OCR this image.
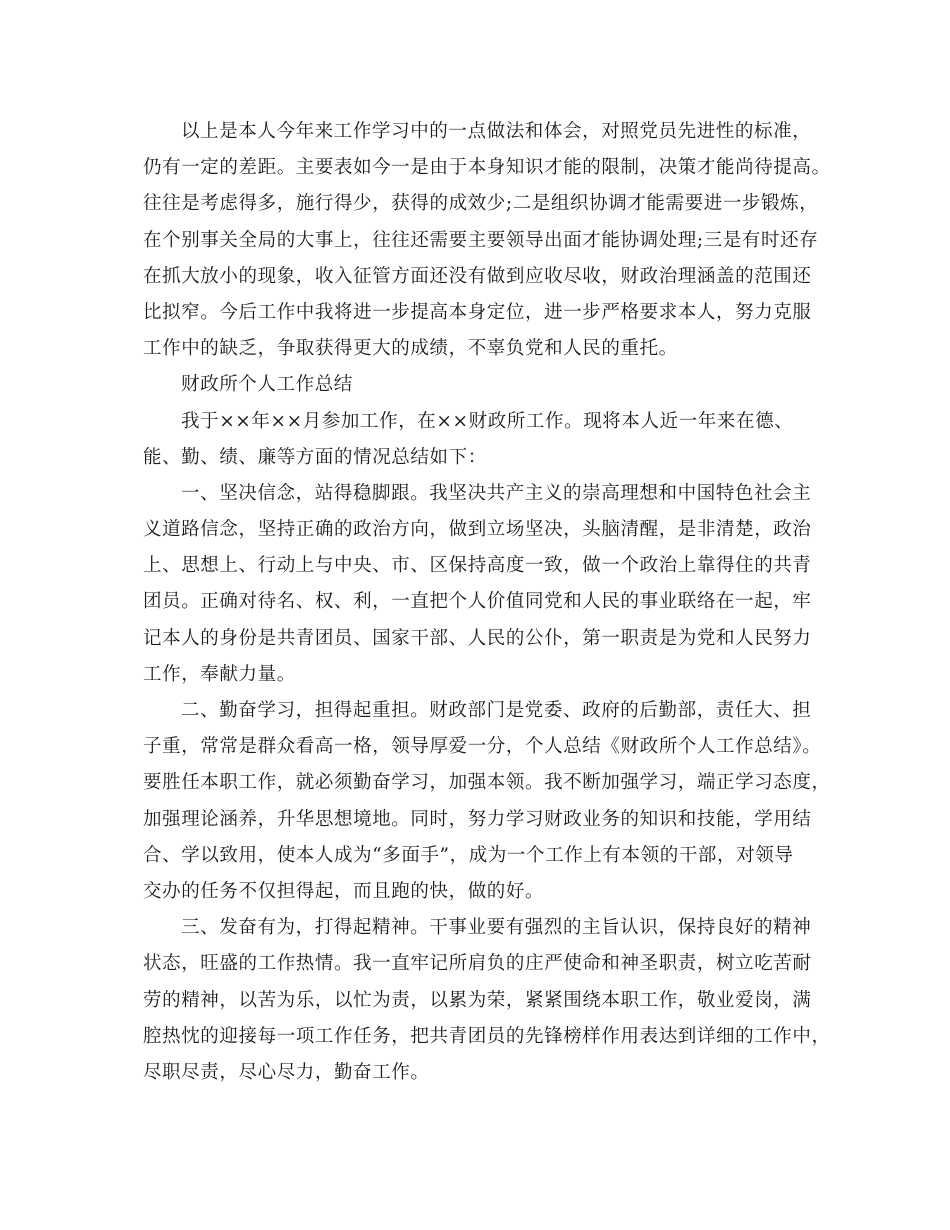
以上是本人今年来工作学习中的一点做法和体会，对照党员先进性的标准，
仍有一定的差距。主要表如今一是由于本身知识才能的限制，决策才能尚待提高。
往往是考虑得多，施行得少，获得的成效少;二是组织协调才能需要进一步锻炼，
在个别事关全局的大事上，往往还需要主要领导出面才能协调处理;三是有时还存
在抓大放小的现象，收入征管方面还没有做到应收尽收，财政治理涵盖的范围还
比拟窄。今后工作中我将进一步提高本身定位，进一步严格要求本人，努力克服
工作中的缺乏，争取获得更大的成绩，不辜负党和人民的重托。
财政所个人工作总结
我于××年××月参加工作，在××财政所工作。现将本人近一年来在德、
能、勤、绩、廉等方面的情况总结如下：
一、坚决信念，站得稳脚跟。我坚决共产主义的崇高理想和中国特色社会主
义道路信念，坚持正确的政治方向，做到立场坚决，头脑清醒，是非清楚，政治
上、思想上、行动上与中央、市、区保持高度一致，做一个政治上靠得住的共青
团员。正确对待名、权、利，一直把个人价值同党和人民的事业联络在一起，牢
记本人的身份是共青团员、国家干部、人民的公仆，第一职责是为党和人民努力
工作，奉献力量。
二、勤奋学习，担得起重担。财政部门是党委、政府的后勤部，责任大、担
子重，常常是群众看高一格，领导厚爱一分，个人总结《财政所个人工作总结》。
要胜任本职工作，就必须勤奋学习，加强本领。我不断加强学习，端正学习态度，
加强理论涵养，升华思想境地。同时，努力学习财政业务的知识和技能，学用结
合、学以致用，使本人成为“多面手”，成为一个工作上有本领的干部，对领导
交办的任务不仅担得起，而且跑的快，做的好。
三、发奋有为，打得起精神。干事业要有强烈的主旨认识，保持良好的精神
状态，旺盛的工作热情。我一直牢记所肩负的庄严使命和神圣职责，树立吃苦耐
劳的精神，以苦为乐，以忙为责，以累为荣，紧紧围绕本职工作，敬业爱岗，满
腔热忱的迎接每一项工作任务，把共青团员的先锋榜样作用表达到详细的工作中，
尽职尽责，尽心尽力，勤奋工作。
